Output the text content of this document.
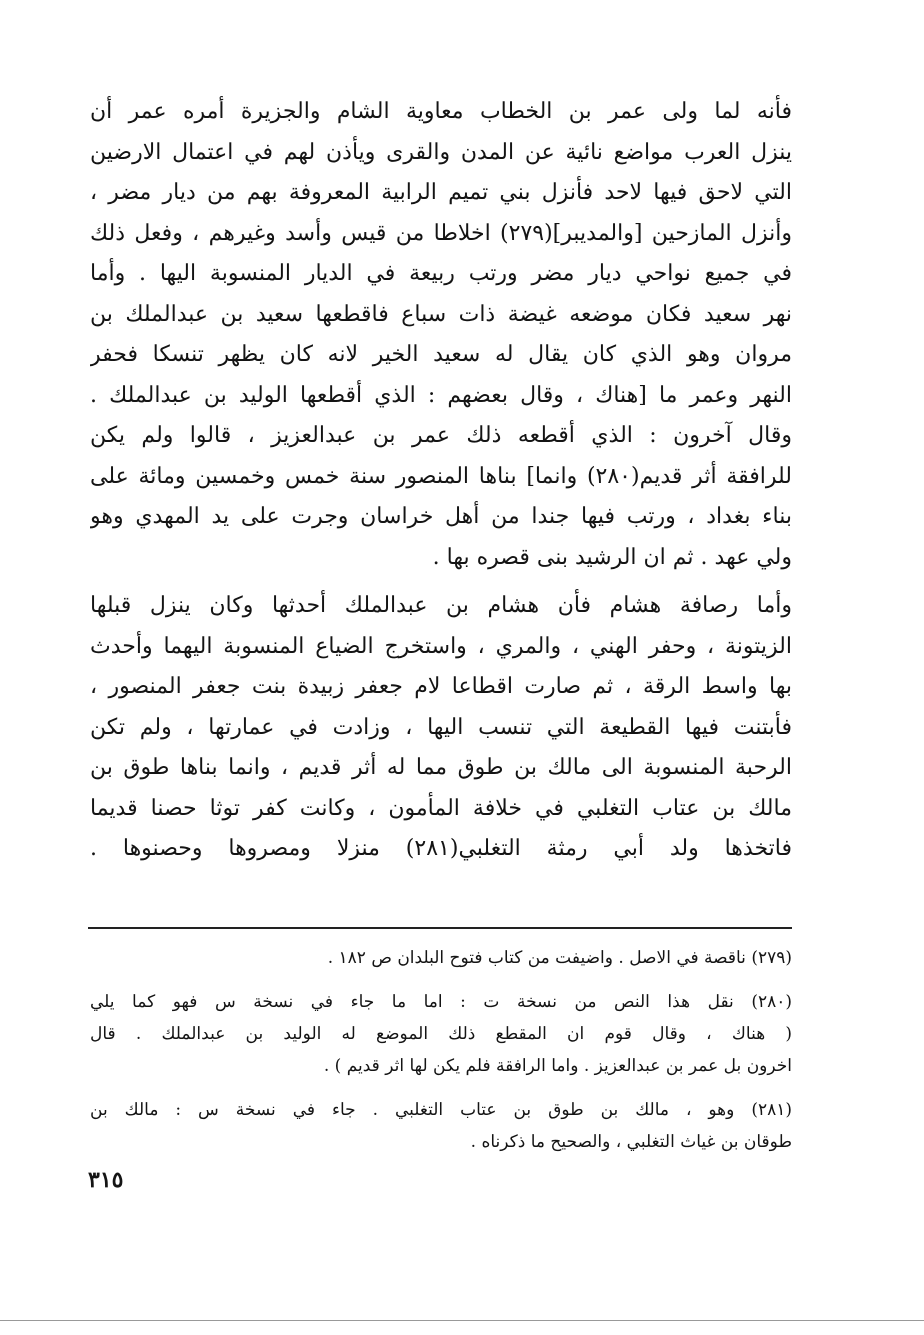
فأنه لما ولى عمر بن الخطاب معاوية الشام والجزيرة أمره عمر أن
ينزل العرب مواضع نائية عن المدن والقرى ويأذن لهم في اعتمال الارضين
التي لاحق فيها لاحد فأنزل بني تميم الرابية المعروفة بهم من ديار مضر ،
وأنزل المازحين [والمديبر](٢٧٩) اخلاطا من قيس وأسد وغيرهم ، وفعل ذلك
في جميع نواحي ديار مضر ورتب ربيعة في الديار المنسوبة اليها . وأما
نهر سعيد فكان موضعه غيضة ذات سباع فاقطعها سعيد بن عبدالملك بن
مروان وهو الذي كان يقال له سعيد الخير لانه كان يظهر تنسكا فحفر
النهر وعمر ما [هناك ، وقال بعضهم : الذي أقطعها الوليد بن عبدالملك .
وقال آخرون : الذي أقطعه ذلك عمر بن عبدالعزيز ، قالوا ولم يكن
للرافقة أثر قديم(٢٨٠) وانما] بناها المنصور سنة خمس وخمسين ومائة على
بناء بغداد ، ورتب فيها جندا من أهل خراسان وجرت على يد المهدي وهو
ولي عهد . ثم ان الرشيد بنى قصره بها .
وأما رصافة هشام فأن هشام بن عبدالملك أحدثها وكان ينزل قبلها
الزيتونة ، وحفر الهني ، والمري ، واستخرج الضياع المنسوبة اليهما وأحدث
بها واسط الرقة ، ثم صارت اقطاعا لام جعفر زبيدة بنت جعفر المنصور ،
فأبتنت فيها القطيعة التي تنسب اليها ، وزادت في عمارتها ، ولم تكن
الرحبة المنسوبة الى مالك بن طوق مما له أثر قديم ، وانما بناها طوق بن
مالك بن عتاب التغلبي في خلافة المأمون ، وكانت كفر توثا حصنا قديما
فاتخذها ولد أبي رمثة التغلبي(٢٨١) منزلا ومصروها وحصنوها .
(٢٧٩) ناقصة في الاصل . واضيفت من كتاب فتوح البلدان ص ١٨٢ .
(٢٨٠) نقل هذا النص من نسخة ت : اما ما جاء في نسخة س فهو كما يلي
( هناك ، وقال قوم ان المقطع ذلك الموضع له الوليد بن عبدالملك . قال
اخرون بل عمر بن عبدالعزيز . واما الرافقة فلم يكن لها اثر قديم ) .
(٢٨١) وهو ، مالك بن طوق بن عتاب التغلبي . جاء في نسخة س : مالك بن
طوقان بن غياث التغلبي ، والصحيح ما ذكرناه .
٣١٥
